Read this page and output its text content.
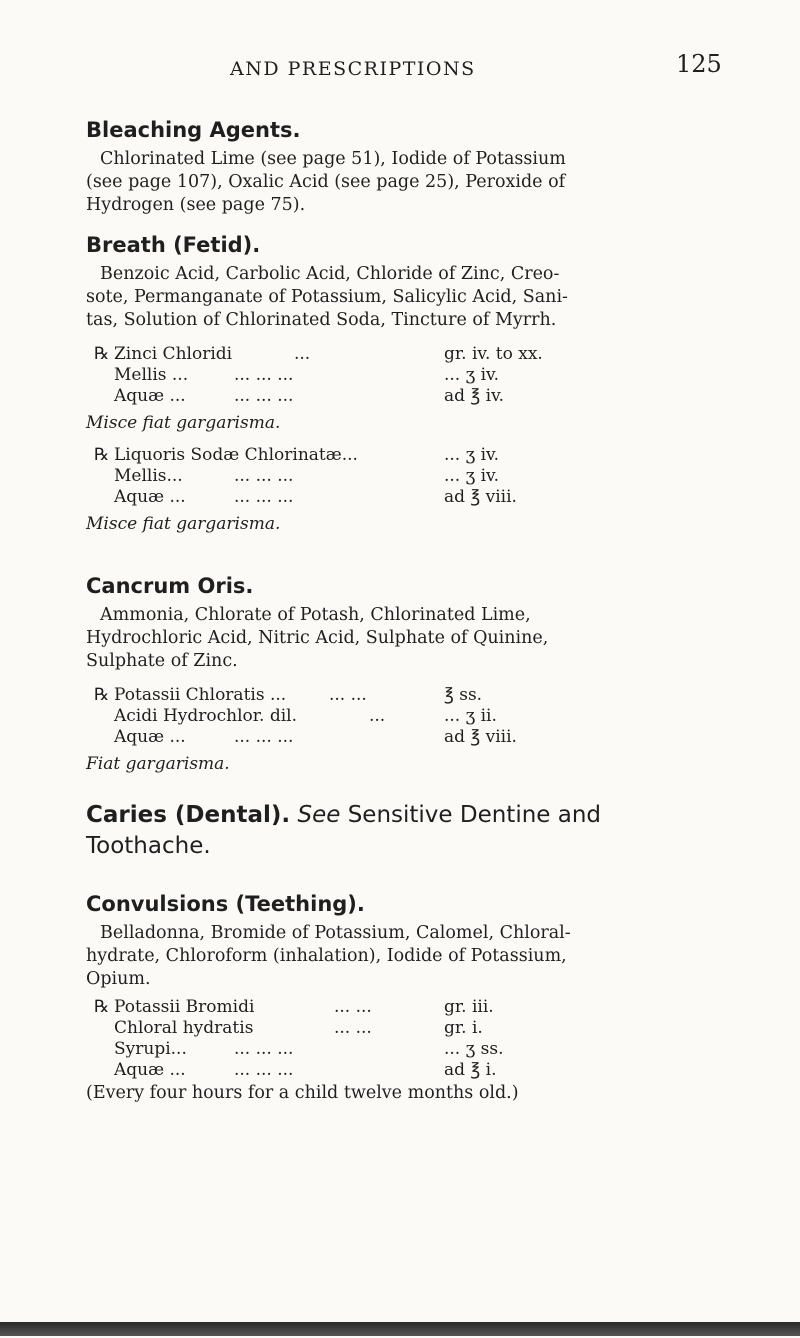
AND PRESCRIPTIONS	125
Bleaching Agents.

Chlorinated Lime (see page 51), Iodide of Potassium
(see page 107), Oxalic Acid (see page 25), Peroxide of
Hydrogen (see page 75).

Breath (Fetid).

Benzoic Acid, Carbolic Acid, Chloride of Zinc, Creo-
sote, Permanganate of Potassium, Salicylic Acid, Sani-
tas, Solution of Chlorinated Soda, Tincture of Myrrh.

℞ Zinci Chloridi	...	gr. iv. to xx.
Mellis ...	... ... ...	... ʒ iv.
Aquæ ...	... ... ...	ad ℥ iv.
Misce fiat gargarisma.
℞ Liquoris Sodæ Chlorinatæ...	... ʒ iv.
Mellis...	... ... ...	... ʒ iv.
Aquæ ...	... ... ...	ad ℥ viii.
Misce fiat gargarisma.
Cancrum Oris.

Ammonia, Chlorate of Potash, Chlorinated Lime,
Hydrochloric Acid, Nitric Acid, Sulphate of Quinine,
Sulphate of Zinc.

℞ Potassii Chloratis ...	... ...	℥ ss.
Acidi Hydrochlor. dil.	...	... ʒ ii.
Aquæ ...	... ... ...	ad ℥ viii.
Fiat gargarisma.
Caries (Dental). See Sensitive Dentine and
Toothache.
Convulsions (Teething).

Belladonna, Bromide of Potassium, Calomel, Chloral-
hydrate, Chloroform (inhalation), Iodide of Potassium,
Opium.

℞ Potassii Bromidi	... ...	gr. iii.
Chloral hydratis	... ...	gr. i.
Syrupi...	... ... ...	... ʒ ss.
Aquæ ...	... ... ...	ad ℥ i.
(Every four hours for a child twelve months old.)
